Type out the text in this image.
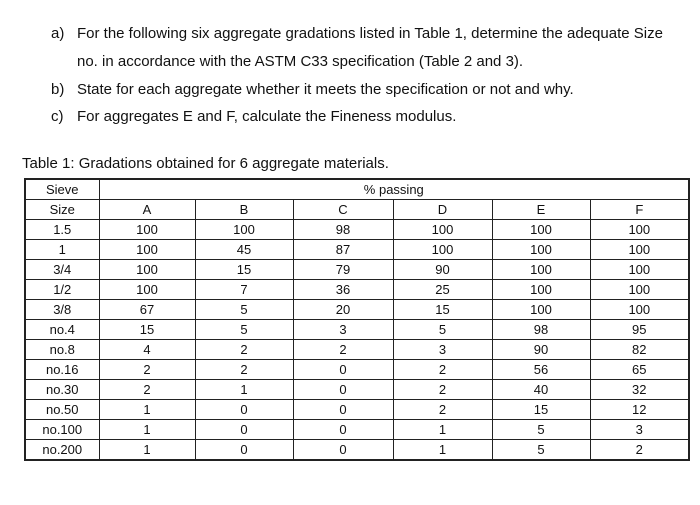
a) For the following six aggregate gradations listed in Table 1, determine the adequate Size
no. in accordance with the ASTM C33 specification (Table 2 and 3).
b) State for each aggregate whether it meets the specification or not and why.
c) For aggregates E and F, calculate the Fineness modulus.
Table 1: Gradations obtained for 6 aggregate materials.
Sieve	% passing					
Size	A	B	C	D	E	F
1.5	100	100	98	100	100	100
1	100	45	87	100	100	100
3/4	100	15	79	90	100	100
1/2	100	7	36	25	100	100
3/8	67	5	20	15	100	100
no.4	15	5	3	5	98	95
no.8	4	2	2	3	90	82
no.16	2	2	0	2	56	65
no.30	2	1	0	2	40	32
no.50	1	0	0	2	15	12
no.100	1	0	0	1	5	3
no.200	1	0	0	1	5	2
